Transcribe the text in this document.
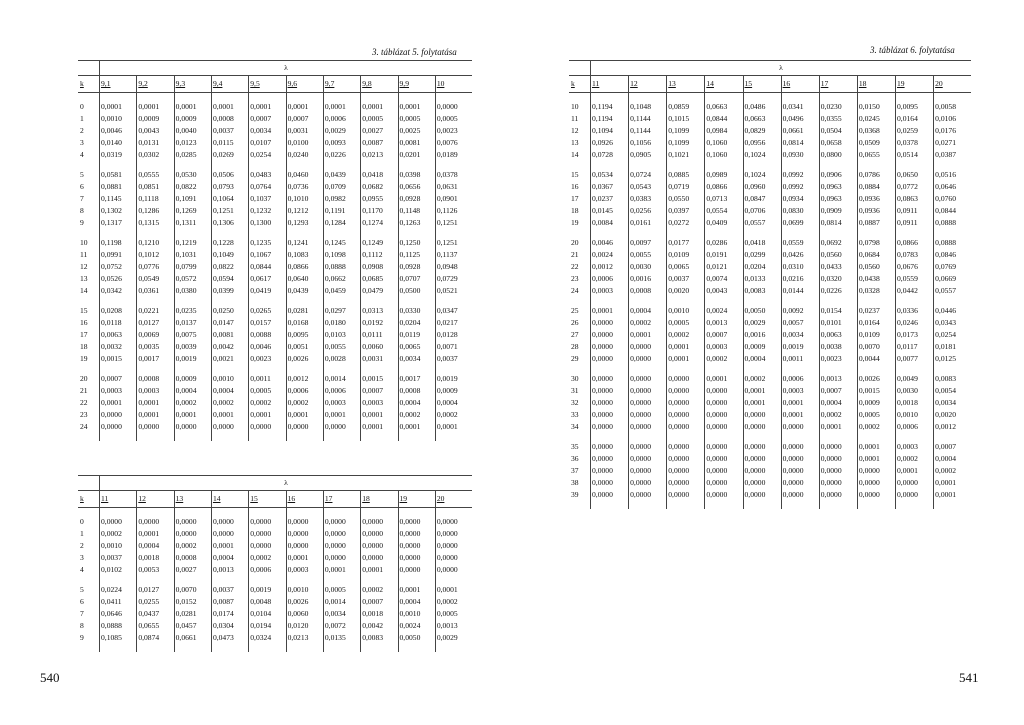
3. táblázat 5. folytatása
	λ									
k	9,1	9,2	9,3	9,4	9,5	9,6	9,7	9,8	9,9	10

0	0,0001	0,0001	0,0001	0,0001	0,0001	0,0001	0,0001	0,0001	0,0001	0,0000
1	0,0010	0,0009	0,0009	0,0008	0,0007	0,0007	0,0006	0,0005	0,0005	0,0005
2	0,0046	0,0043	0,0040	0,0037	0,0034	0,0031	0,0029	0,0027	0,0025	0,0023
3	0,0140	0,0131	0,0123	0,0115	0,0107	0,0100	0,0093	0,0087	0,0081	0,0076
4	0,0319	0,0302	0,0285	0,0269	0,0254	0,0240	0,0226	0,0213	0,0201	0,0189

5	0,0581	0,0555	0,0530	0,0506	0,0483	0,0460	0,0439	0,0418	0,0398	0,0378
6	0,0881	0,0851	0,0822	0,0793	0,0764	0,0736	0,0709	0,0682	0,0656	0,0631
7	0,1145	0,1118	0,1091	0,1064	0,1037	0,1010	0,0982	0,0955	0,0928	0,0901
8	0,1302	0,1286	0,1269	0,1251	0,1232	0,1212	0,1191	0,1170	0,1148	0,1126
9	0,1317	0,1315	0,1311	0,1306	0,1300	0,1293	0,1284	0,1274	0,1263	0,1251

10	0,1198	0,1210	0,1219	0,1228	0,1235	0,1241	0,1245	0,1249	0,1250	0,1251
11	0,0991	0,1012	0,1031	0,1049	0,1067	0,1083	0,1098	0,1112	0,1125	0,1137
12	0,0752	0,0776	0,0799	0,0822	0,0844	0,0866	0,0888	0,0908	0,0928	0,0948
13	0,0526	0,0549	0,0572	0,0594	0,0617	0,0640	0,0662	0,0685	0,0707	0,0729
14	0,0342	0,0361	0,0380	0,0399	0,0419	0,0439	0,0459	0,0479	0,0500	0,0521

15	0,0208	0,0221	0,0235	0,0250	0,0265	0,0281	0,0297	0,0313	0,0330	0,0347
16	0,0118	0,0127	0,0137	0,0147	0,0157	0,0168	0,0180	0,0192	0,0204	0,0217
17	0,0063	0,0069	0,0075	0,0081	0,0088	0,0095	0,0103	0,0111	0,0119	0,0128
18	0,0032	0,0035	0,0039	0,0042	0,0046	0,0051	0,0055	0,0060	0,0065	0,0071
19	0,0015	0,0017	0,0019	0,0021	0,0023	0,0026	0,0028	0,0031	0,0034	0,0037

20	0,0007	0,0008	0,0009	0,0010	0,0011	0,0012	0,0014	0,0015	0,0017	0,0019
21	0,0003	0,0003	0,0004	0,0004	0,0005	0,0006	0,0006	0,0007	0,0008	0,0009
22	0,0001	0,0001	0,0002	0,0002	0,0002	0,0002	0,0003	0,0003	0,0004	0,0004
23	0,0000	0,0001	0,0001	0,0001	0,0001	0,0001	0,0001	0,0001	0,0002	0,0002
24	0,0000	0,0000	0,0000	0,0000	0,0000	0,0000	0,0000	0,0001	0,0001	0,0001

	λ									
k	11	12	13	14	15	16	17	18	19	20

0	0,0000	0,0000	0,0000	0,0000	0,0000	0,0000	0,0000	0,0000	0,0000	0,0000
1	0,0002	0,0001	0,0000	0,0000	0,0000	0,0000	0,0000	0,0000	0,0000	0,0000
2	0,0010	0,0004	0,0002	0,0001	0,0000	0,0000	0,0000	0,0000	0,0000	0,0000
3	0,0037	0,0018	0,0008	0,0004	0,0002	0,0001	0,0000	0,0000	0,0000	0,0000
4	0,0102	0,0053	0,0027	0,0013	0,0006	0,0003	0,0001	0,0001	0,0000	0,0000

5	0,0224	0,0127	0,0070	0,0037	0,0019	0,0010	0,0005	0,0002	0,0001	0,0001
6	0,0411	0,0255	0,0152	0,0087	0,0048	0,0026	0,0014	0,0007	0,0004	0,0002
7	0,0646	0,0437	0,0281	0,0174	0,0104	0,0060	0,0034	0,0018	0,0010	0,0005
8	0,0888	0,0655	0,0457	0,0304	0,0194	0,0120	0,0072	0,0042	0,0024	0,0013
9	0,1085	0,0874	0,0661	0,0473	0,0324	0,0213	0,0135	0,0083	0,0050	0,0029

540
3. táblázat 6. folytatása
	λ									
k	11	12	13	14	15	16	17	18	19	20

10	0,1194	0,1048	0,0859	0,0663	0,0486	0,0341	0,0230	0,0150	0,0095	0,0058
11	0,1194	0,1144	0,1015	0,0844	0,0663	0,0496	0,0355	0,0245	0,0164	0,0106
12	0,1094	0,1144	0,1099	0,0984	0,0829	0,0661	0,0504	0,0368	0,0259	0,0176
13	0,0926	0,1056	0,1099	0,1060	0,0956	0,0814	0,0658	0,0509	0,0378	0,0271
14	0,0728	0,0905	0,1021	0,1060	0,1024	0,0930	0,0800	0,0655	0,0514	0,0387

15	0,0534	0,0724	0,0885	0,0989	0,1024	0,0992	0,0906	0,0786	0,0650	0,0516
16	0,0367	0,0543	0,0719	0,0866	0,0960	0,0992	0,0963	0,0884	0,0772	0,0646
17	0,0237	0,0383	0,0550	0,0713	0,0847	0,0934	0,0963	0,0936	0,0863	0,0760
18	0,0145	0,0256	0,0397	0,0554	0,0706	0,0830	0,0909	0,0936	0,0911	0,0844
19	0,0084	0,0161	0,0272	0,0409	0,0557	0,0699	0,0814	0,0887	0,0911	0,0888

20	0,0046	0,0097	0,0177	0,0286	0,0418	0,0559	0,0692	0,0798	0,0866	0,0888
21	0,0024	0,0055	0,0109	0,0191	0,0299	0,0426	0,0560	0,0684	0,0783	0,0846
22	0,0012	0,0030	0,0065	0,0121	0,0204	0,0310	0,0433	0,0560	0,0676	0,0769
23	0,0006	0,0016	0,0037	0,0074	0,0133	0,0216	0,0320	0,0438	0,0559	0,0669
24	0,0003	0,0008	0,0020	0,0043	0,0083	0,0144	0,0226	0,0328	0,0442	0,0557

25	0,0001	0,0004	0,0010	0,0024	0,0050	0,0092	0,0154	0,0237	0,0336	0,0446
26	0,0000	0,0002	0,0005	0,0013	0,0029	0,0057	0,0101	0,0164	0,0246	0,0343
27	0,0000	0,0001	0,0002	0,0007	0,0016	0,0034	0,0063	0,0109	0,0173	0,0254
28	0,0000	0,0000	0,0001	0,0003	0,0009	0,0019	0,0038	0,0070	0,0117	0,0181
29	0,0000	0,0000	0,0001	0,0002	0,0004	0,0011	0,0023	0,0044	0,0077	0,0125

30	0,0000	0,0000	0,0000	0,0001	0,0002	0,0006	0,0013	0,0026	0,0049	0,0083
31	0,0000	0,0000	0,0000	0,0000	0,0001	0,0003	0,0007	0,0015	0,0030	0,0054
32	0,0000	0,0000	0,0000	0,0000	0,0001	0,0001	0,0004	0,0009	0,0018	0,0034
33	0,0000	0,0000	0,0000	0,0000	0,0000	0,0001	0,0002	0,0005	0,0010	0,0020
34	0,0000	0,0000	0,0000	0,0000	0,0000	0,0000	0,0001	0,0002	0,0006	0,0012

35	0,0000	0,0000	0,0000	0,0000	0,0000	0,0000	0,0000	0,0001	0,0003	0,0007
36	0,0000	0,0000	0,0000	0,0000	0,0000	0,0000	0,0000	0,0001	0,0002	0,0004
37	0,0000	0,0000	0,0000	0,0000	0,0000	0,0000	0,0000	0,0000	0,0001	0,0002
38	0,0000	0,0000	0,0000	0,0000	0,0000	0,0000	0,0000	0,0000	0,0000	0,0001
39	0,0000	0,0000	0,0000	0,0000	0,0000	0,0000	0,0000	0,0000	0,0000	0,0001

541
